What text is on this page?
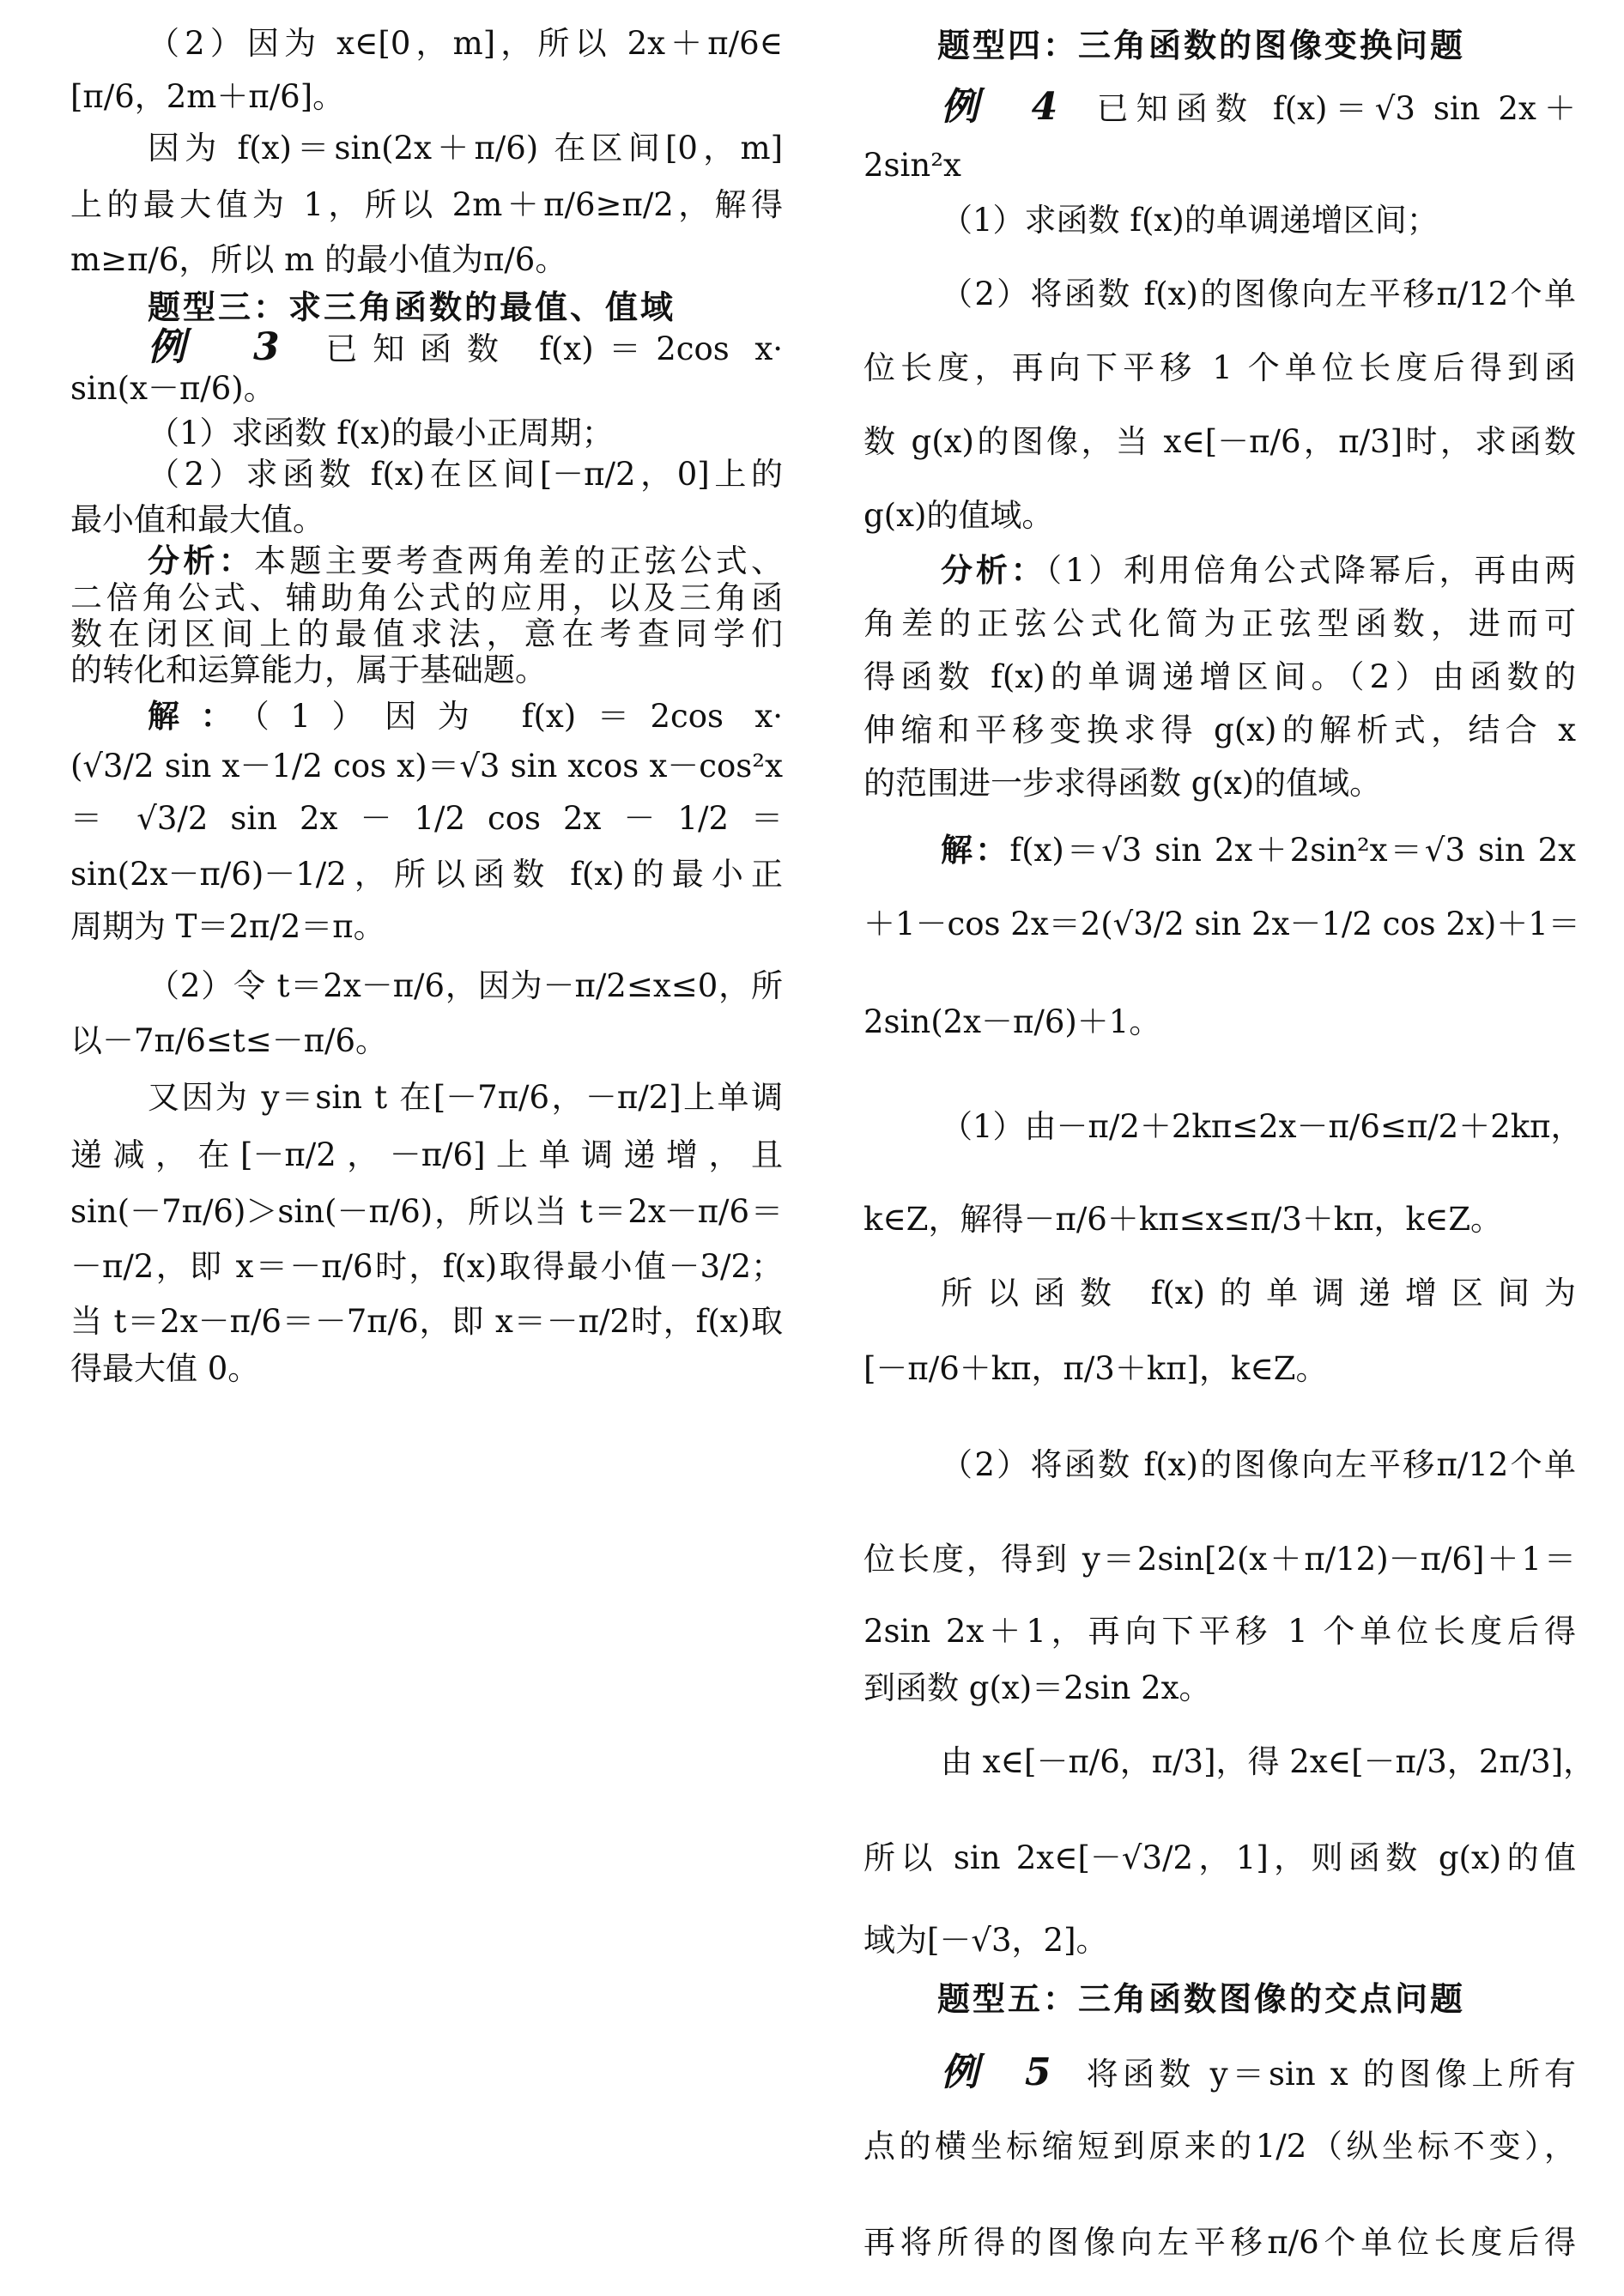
（2）因为 x∈[0，m]，所以 2x＋π/6∈
[π/6，2m＋π/6]。
因为 f(x)＝sin(2x＋π/6) 在区间[0，m]
上的最大值为 1，所以 2m＋π/6≥π/2，解得
m≥π/6，所以 m 的最小值为π/6。
题型三：求三角函数的最值、值域
例 3 已知函数 f(x)＝2cos x·
sin(x－π/6)。
（1）求函数 f(x)的最小正周期；
（2）求函数 f(x)在区间[－π/2，0]上的
最小值和最大值。
分析：本题主要考查两角差的正弦公式、
二倍角公式、辅助角公式的应用，以及三角函
数在闭区间上的最值求法，意在考查同学们
的转化和运算能力，属于基础题。
解：（1）因为 f(x)＝2cos x·
(√3/2 sin x－1/2 cos x)＝√3 sin xcos x－cos²x
＝ √3/2 sin 2x － 1/2 cos 2x － 1/2 ＝
sin(2x－π/6)－1/2，所以函数 f(x)的最小正
周期为 T＝2π/2＝π。
（2）令 t＝2x－π/6，因为－π/2≤x≤0，所
以－7π/6≤t≤－π/6。
又因为 y＝sin t 在[－7π/6，－π/2]上单调
递减，在[－π/2，－π/6]上单调递增，且
sin(－7π/6)＞sin(－π/6)，所以当 t＝2x－π/6＝
－π/2，即 x＝－π/6时，f(x)取得最小值－3/2；
当 t＝2x－π/6＝－7π/6，即 x＝－π/2时，f(x)取
得最大值 0。
题型四：三角函数的图像变换问题
例 4 已知函数 f(x)＝√3 sin 2x＋
2sin²x
（1）求函数 f(x)的单调递增区间；
（2）将函数 f(x)的图像向左平移π/12个单
位长度，再向下平移 1 个单位长度后得到函
数 g(x)的图像，当 x∈[－π/6，π/3]时，求函数
g(x)的值域。
分析：（1）利用倍角公式降幂后，再由两
角差的正弦公式化简为正弦型函数，进而可
得函数 f(x)的单调递增区间。（2）由函数的
伸缩和平移变换求得 g(x)的解析式，结合 x
的范围进一步求得函数 g(x)的值域。
解：f(x)＝√3 sin 2x＋2sin²x＝√3 sin 2x
＋1－cos 2x＝2(√3/2 sin 2x－1/2 cos 2x)＋1＝
2sin(2x－π/6)＋1。
（1）由－π/2＋2kπ≤2x－π/6≤π/2＋2kπ，
k∈Z，解得－π/6＋kπ≤x≤π/3＋kπ，k∈Z。
所以函数 f(x)的单调递增区间为
[－π/6＋kπ，π/3＋kπ]，k∈Z。
（2）将函数 f(x)的图像向左平移π/12个单
位长度，得到 y＝2sin[2(x＋π/12)－π/6]＋1＝
2sin 2x＋1，再向下平移 1 个单位长度后得
到函数 g(x)＝2sin 2x。
由 x∈[－π/6，π/3]，得 2x∈[－π/3，2π/3]，
所以 sin 2x∈[－√3/2，1]，则函数 g(x)的值
域为[－√3，2]。
题型五：三角函数图像的交点问题
例 5 将函数 y＝sin x 的图像上所有
点的横坐标缩短到原来的1/2（纵坐标不变），
再将所得的图像向左平移π/6个单位长度后得
